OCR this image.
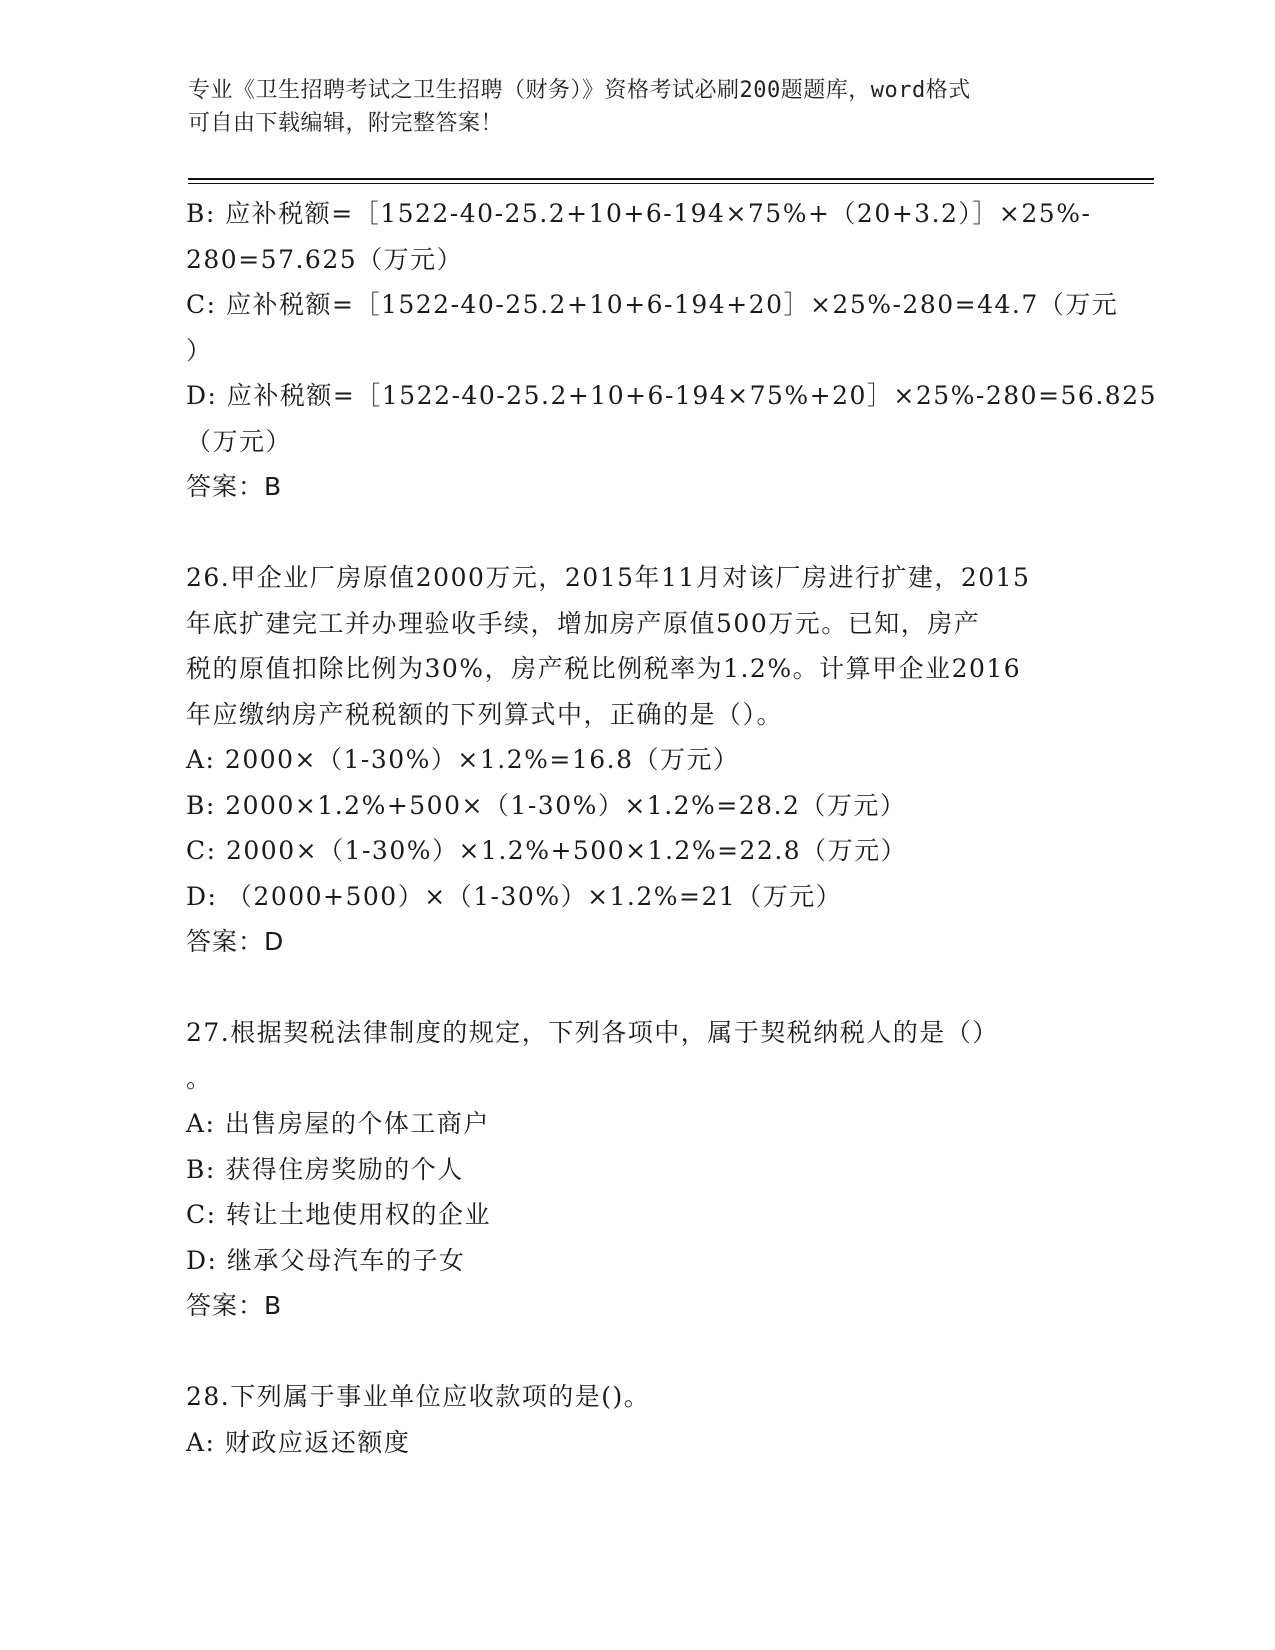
专业《卫生招聘考试之卫生招聘（财务）》资格考试必刷200题题库，word格式
可自由下载编辑，附完整答案！
B: 应补税额=［1522-40-25.2+10+6-194×75%+（20+3.2）］×25%-
280=57.625（万元）
C: 应补税额=［1522-40-25.2+10+6-194+20］×25%-280=44.7（万元
）
D: 应补税额=［1522-40-25.2+10+6-194×75%+20］×25%-280=56.825
（万元）
答案：B
26.甲企业厂房原值2000万元，2015年11月对该厂房进行扩建，2015
年底扩建完工并办理验收手续，增加房产原值500万元。已知，房产
税的原值扣除比例为30%，房产税比例税率为1.2%。计算甲企业2016
年应缴纳房产税税额的下列算式中，正确的是（）。
A: 2000×（1-30%）×1.2%=16.8（万元）
B: 2000×1.2%+500×（1-30%）×1.2%=28.2（万元）
C: 2000×（1-30%）×1.2%+500×1.2%=22.8（万元）
D: （2000+500）×（1-30%）×1.2%=21（万元）
答案：D
27.根据契税法律制度的规定，下列各项中，属于契税纳税人的是（）
。
A: 出售房屋的个体工商户
B: 获得住房奖励的个人
C: 转让土地使用权的企业
D: 继承父母汽车的子女
答案：B
28.下列属于事业单位应收款项的是()。
A: 财政应返还额度
